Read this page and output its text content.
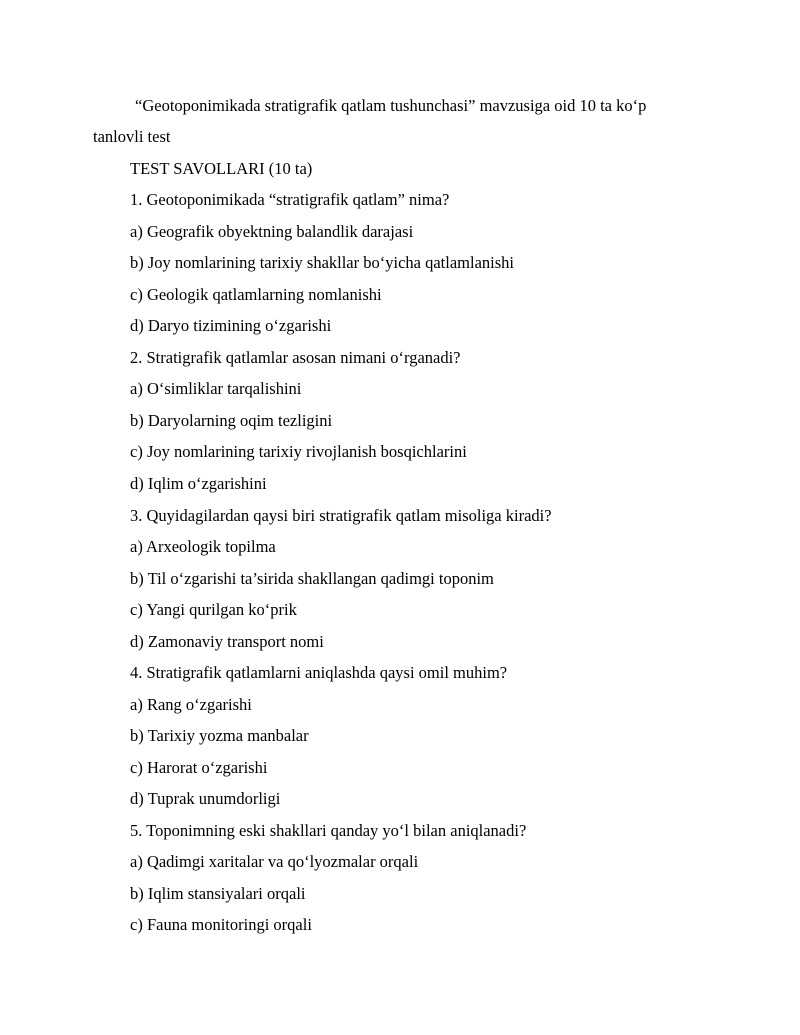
“Geotoponimikada stratigrafik qatlam tushunchasi” mavzusiga oid 10 ta ko‘p
tanlovli test
TEST SAVOLLARI (10 ta)
1. Geotoponimikada “stratigrafik qatlam” nima?
a) Geografik obyektning balandlik darajasi
b) Joy nomlarining tarixiy shakllar bo‘yicha qatlamlanishi
c) Geologik qatlamlarning nomlanishi
d) Daryo tizimining o‘zgarishi
2. Stratigrafik qatlamlar asosan nimani o‘rganadi?
a) O‘simliklar tarqalishini
b) Daryolarning oqim tezligini
c) Joy nomlarining tarixiy rivojlanish bosqichlarini
d) Iqlim o‘zgarishini
3. Quyidagilardan qaysi biri stratigrafik qatlam misoliga kiradi?
a) Arxeologik topilma
b) Til o‘zgarishi ta’sirida shakllangan qadimgi toponim
c) Yangi qurilgan ko‘prik
d) Zamonaviy transport nomi
4. Stratigrafik qatlamlarni aniqlashda qaysi omil muhim?
a) Rang o‘zgarishi
b) Tarixiy yozma manbalar
c) Harorat o‘zgarishi
d) Tuprak unumdorligi
5. Toponimning eski shakllari qanday yo‘l bilan aniqlanadi?
a) Qadimgi xaritalar va qo‘lyozmalar orqali
b) Iqlim stansiyalari orqali
c) Fauna monitoringi orqali
